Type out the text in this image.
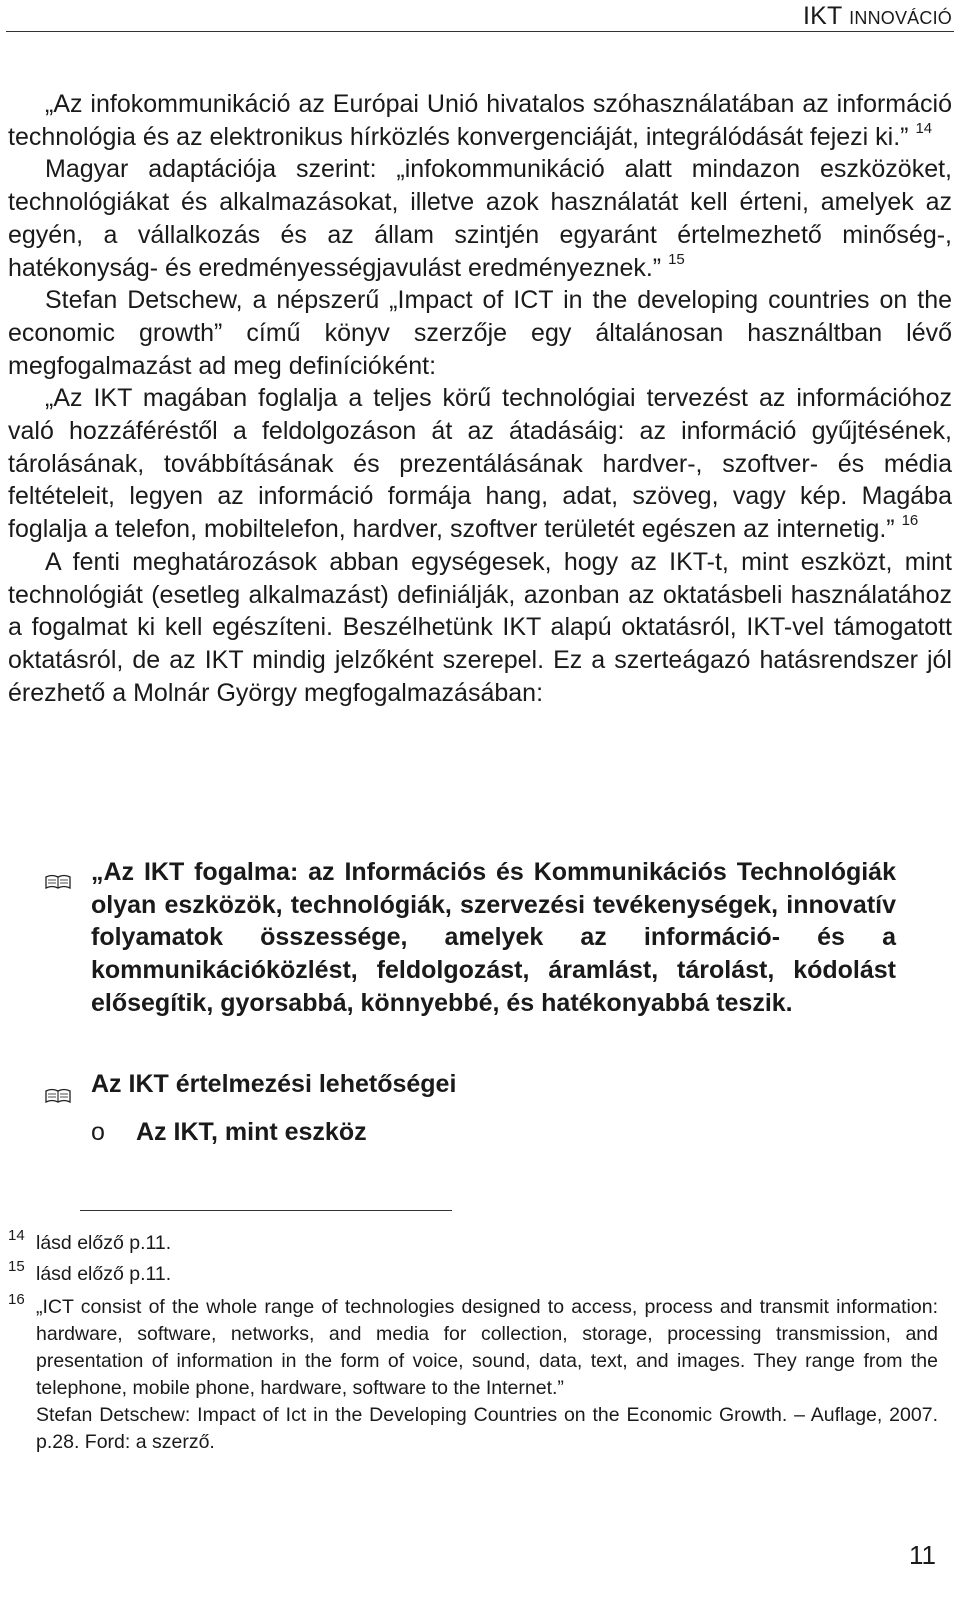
IKT INNOVÁCIÓ

„Az infokommunikáció az Európai Unió hivatalos szóhasználatában az információ technológia és az elektronikus hírközlés konvergenciáját, integrálódását fejezi ki.” $^{14}$

Magyar adaptációja szerint: „infokommunikáció alatt mindazon eszközöket, technológiákat és alkalmazásokat, illetve azok használatát kell érteni, amelyek az egyén, a vállalkozás és az állam szintjén egyaránt értelmezhető minőség-, hatékonyság- és eredményességjavulást eredményeznek.” $^{15}$

Stefan Detschew, a népszerű „Impact of ICT in the developing countries on the economic growth” című könyv szerzője egy általánosan használtban lévő megfogalmazást ad meg definícióként:

„Az IKT magában foglalja a teljes körű technológiai tervezést az információhoz való hozzáféréstől a feldolgozáson át az átadásáig: az információ gyűjtésének, tárolásának, továbbításának és prezentálásának hardver-, szoftver- és média feltételeit, legyen az információ formája hang, adat, szöveg, vagy kép. Magába foglalja a telefon, mobiltelefon, hardver, szoftver területét egészen az internetig.” $^{16}$

A fenti meghatározások abban egységesek, hogy az IKT-t, mint eszközt, mint technológiát (esetleg alkalmazást) definiálják, azonban az oktatásbeli használatához a fogalmat ki kell egészíteni. Beszélhetünk IKT alapú oktatásról, IKT-vel támogatott oktatásról, de az IKT mindig jelzőként szerepel. Ez a szerteágazó hatásrendszer jól érezhető a Molnár György megfogalmazásában:

„Az IKT fogalma: az Információs és Kommunikációs Technológiák olyan eszközök, technológiák, szervezési tevékenységek, innovatív folyamatok összessége, amelyek az információ- és a kommunikációközlést, feldolgozást, áramlást, tárolást, kódolást elősegítik, gyorsabbá, könnyebbé, és hatékonyabbá teszik.
Az IKT értelmezési lehetőségei
o Az IKT, mint eszköz
14 lásd előző p.11.
15 lásd előző p.11.
16 „ICT consist of the whole range of technologies designed to access, process and transmit information: hardware, software, networks, and media for collection, storage, processing transmission, and presentation of information in the form of voice, sound, data, text, and images. They range from the telephone, mobile phone, hardware, software to the Internet.”
Stefan Detschew: Impact of Ict in the Developing Countries on the Economic Growth. – Auflage, 2007. p.28. Ford: a szerző.
11
